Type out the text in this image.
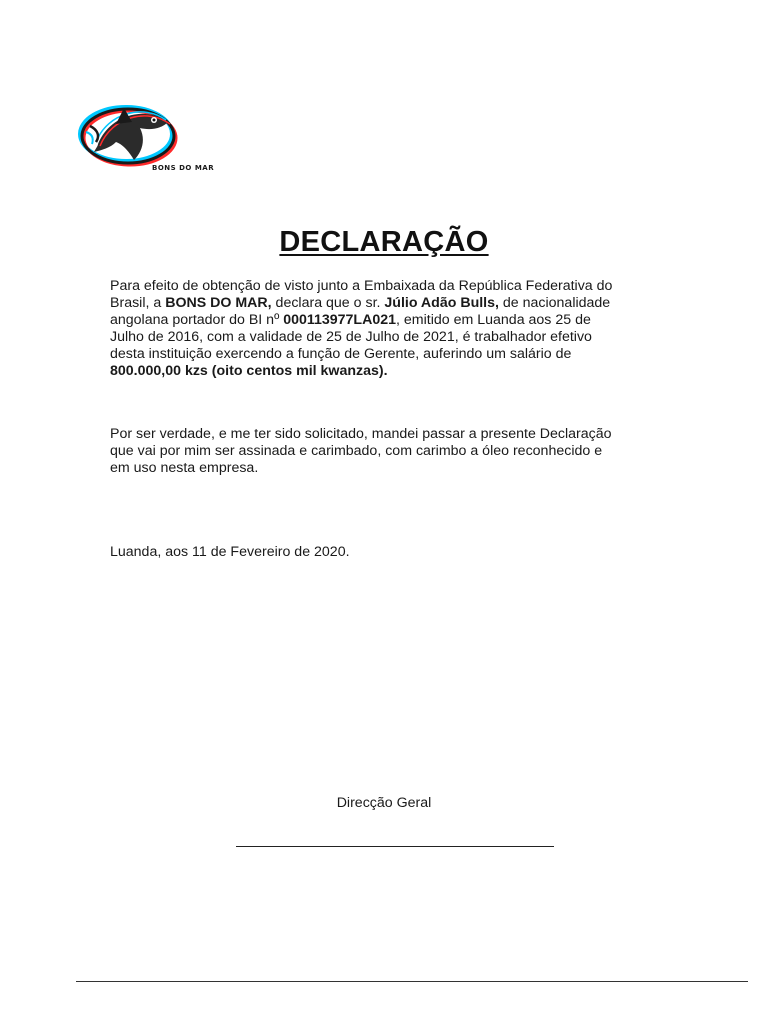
BONS DO MAR
DECLARAÇÃO

Para efeito de obtenção de visto junto a Embaixada da República Federativa do
Brasil, a BONS DO MAR, declara que o sr. Júlio Adão Bulls, de nacionalidade
angolana portador do BI nº 000113977LA021, emitido em Luanda aos 25 de
Julho de 2016, com a validade de 25 de Julho de 2021, é trabalhador efetivo
desta instituição exercendo a função de Gerente, auferindo um salário de
800.000,00 kzs (oito centos mil kwanzas).

Por ser verdade, e me ter sido solicitado, mandei passar a presente Declaração
que vai por mim ser assinada e carimbado, com carimbo a óleo reconhecido e
em uso nesta empresa.

Luanda, aos 11 de Fevereiro de 2020.

Direcção Geral
